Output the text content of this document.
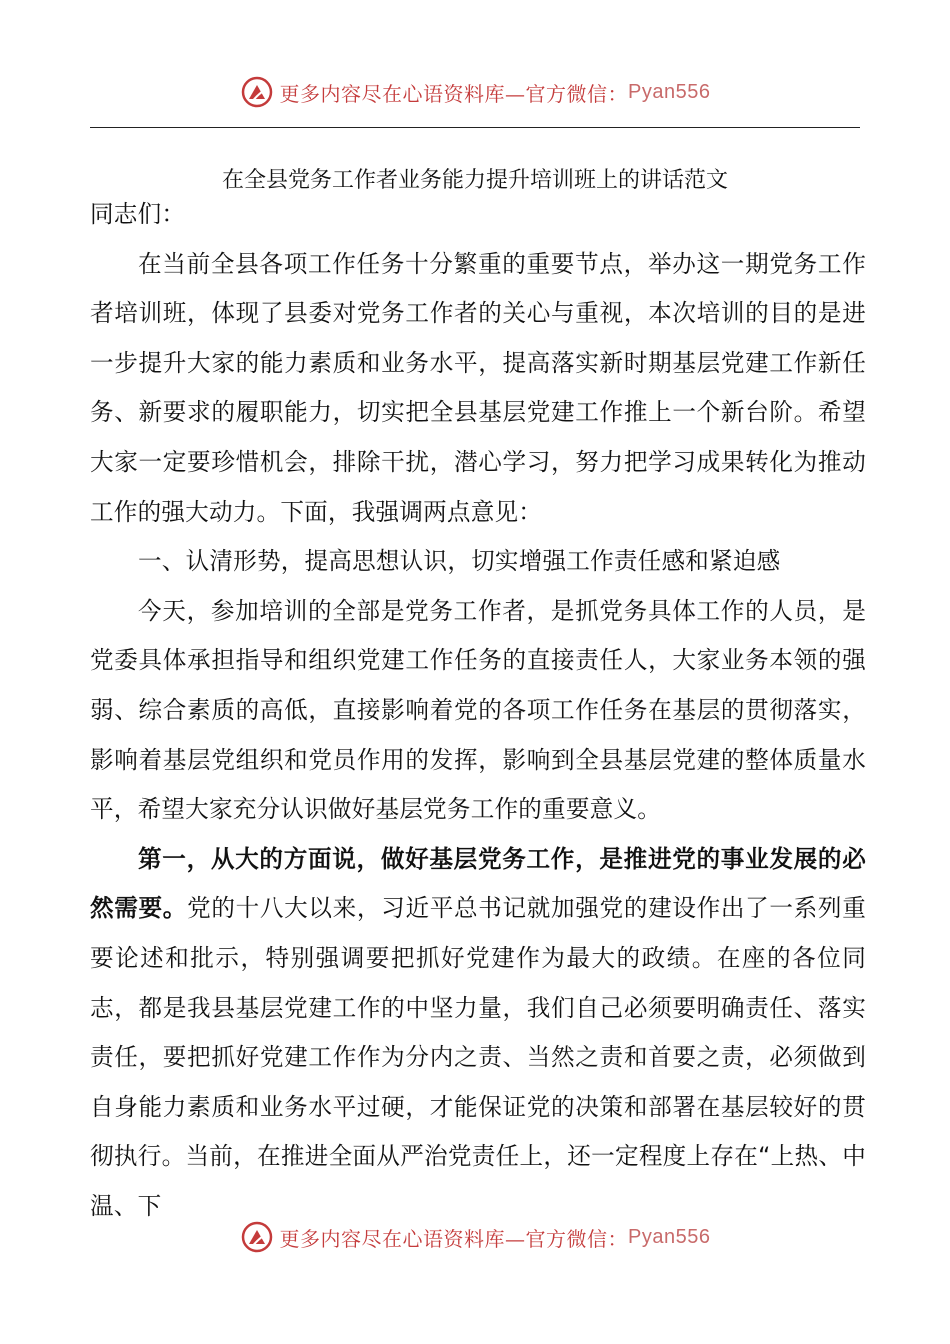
更多内容尽在心语资料库—官方微信： Pyan556
在全县党务工作者业务能力提升培训班上的讲话范文

同志们：

在当前全县各项工作任务十分繁重的重要节点，举办这一期党务工作者培训班，体现了县委对党务工作者的关心与重视，本次培训的目的是进一步提升大家的能力素质和业务水平，提高落实新时期基层党建工作新任务、新要求的履职能力，切实把全县基层党建工作推上一个新台阶。希望大家一定要珍惜机会，排除干扰，潜心学习，努力把学习成果转化为推动工作的强大动力。下面，我强调两点意见：

一、认清形势，提高思想认识，切实增强工作责任感和紧迫感

今天，参加培训的全部是党务工作者，是抓党务具体工作的人员，是党委具体承担指导和组织党建工作任务的直接责任人，大家业务本领的强弱、综合素质的高低，直接影响着党的各项工作任务在基层的贯彻落实，影响着基层党组织和党员作用的发挥，影响到全县基层党建的整体质量水平，希望大家充分认识做好基层党务工作的重要意义。

第一，从大的方面说，做好基层党务工作，是推进党的事业发展的必然需要。党的十八大以来，习近平总书记就加强党的建设作出了一系列重要论述和批示，特别强调要把抓好党建作为最大的政绩。在座的各位同志，都是我县基层党建工作的中坚力量，我们自己必须要明确责任、落实责任，要把抓好党建工作作为分内之责、当然之责和首要之责，必须做到自身能力素质和业务水平过硬，才能保证党的决策和部署在基层较好的贯彻执行。当前，在推进全面从严治党责任上，还一定程度上存在“上热、中温、下

更多内容尽在心语资料库—官方微信： Pyan556
